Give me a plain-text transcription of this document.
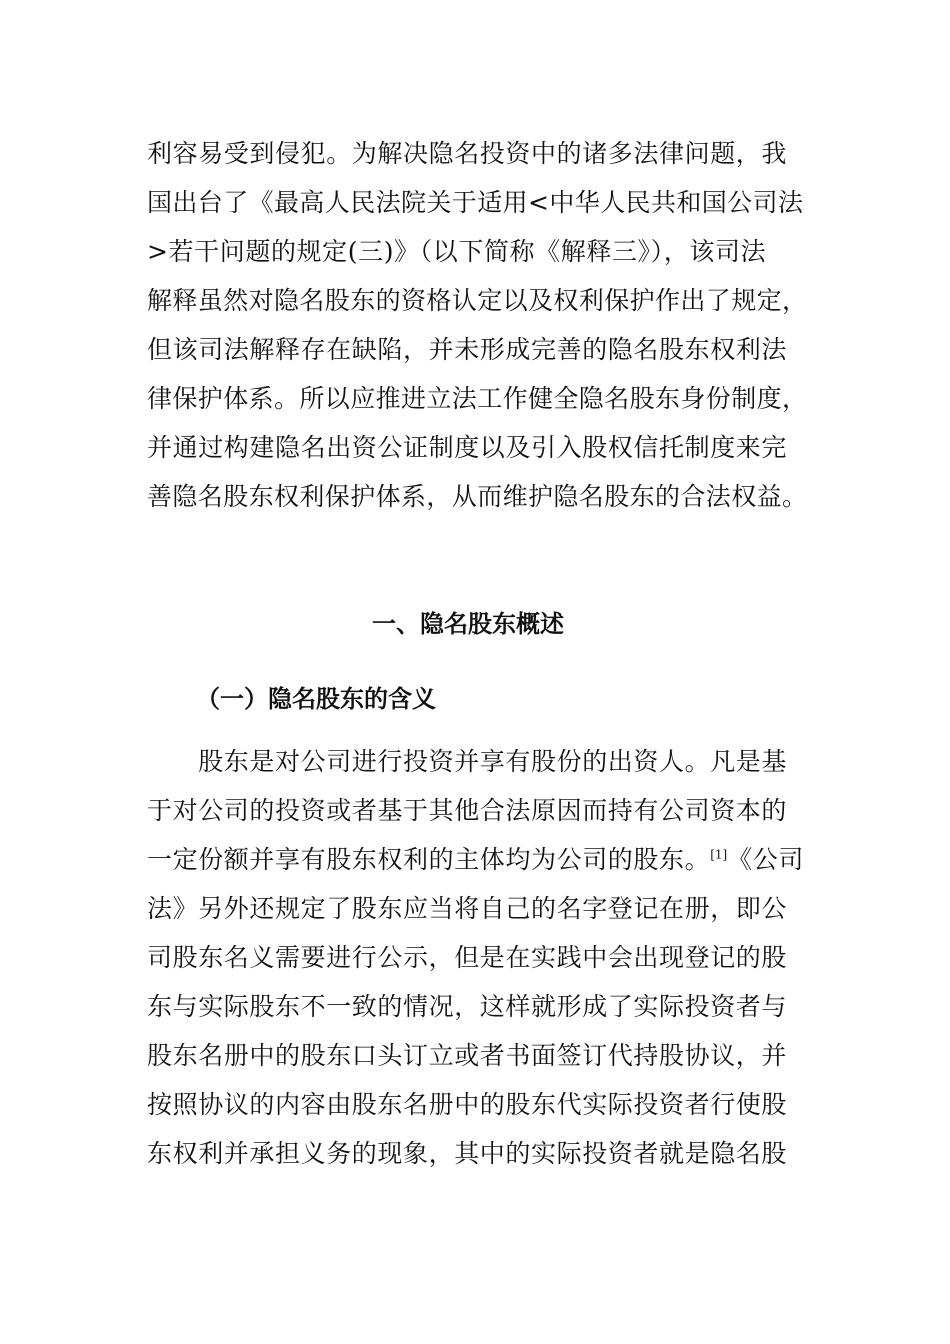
利容易受到侵犯。为解决隐名投资中的诸多法律问题，我
国出台了《最高人民法院关于适用<中华人民共和国公司法
>若干问题的规定(三)》（以下简称《解释三》），该司法
解释虽然对隐名股东的资格认定以及权利保护作出了规定，
但该司法解释存在缺陷，并未形成完善的隐名股东权利法
律保护体系。所以应推进立法工作健全隐名股东身份制度，
并通过构建隐名出资公证制度以及引入股权信托制度来完
善隐名股东权利保护体系，从而维护隐名股东的合法权益。
一、隐名股东概述
（一）隐名股东的含义
　　股东是对公司进行投资并享有股份的出资人。凡是基
于对公司的投资或者基于其他合法原因而持有公司资本的
一定份额并享有股东权利的主体均为公司的股东。[1]《公司
法》另外还规定了股东应当将自己的名字登记在册，即公
司股东名义需要进行公示，但是在实践中会出现登记的股
东与实际股东不一致的情况，这样就形成了实际投资者与
股东名册中的股东口头订立或者书面签订代持股协议，并
按照协议的内容由股东名册中的股东代实际投资者行使股
东权利并承担义务的现象，其中的实际投资者就是隐名股
